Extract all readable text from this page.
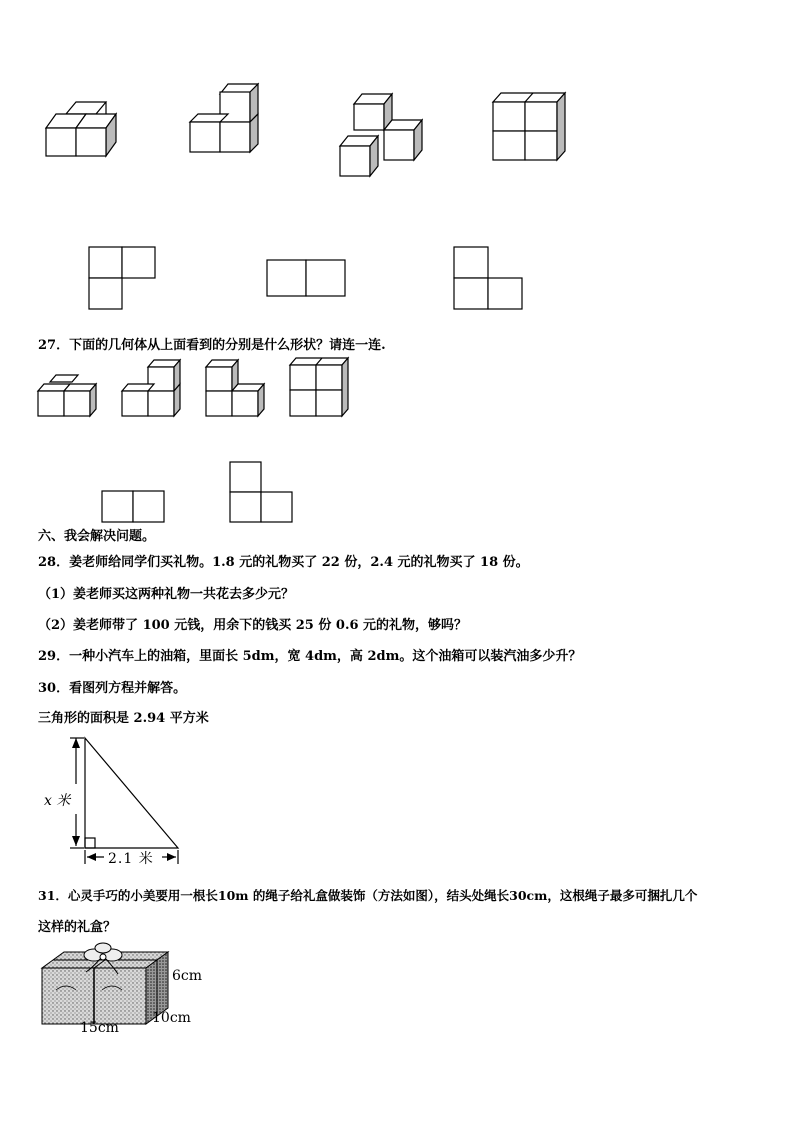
27．下面的几何体从上面看到的分别是什么形状？请连一连.
六、我会解决问题。
28．姜老师给同学们买礼物。1.8 元的礼物买了 22 份，2.4 元的礼物买了 18 份。
（1）姜老师买这两种礼物一共花去多少元？
（2）姜老师带了 100 元钱，用余下的钱买 25 份 0.6 元的礼物，够吗？
29．一种小汽车上的油箱，里面长 5dm，宽 4dm，高 2dm。这个油箱可以装汽油多少升？
30．看图列方程并解答。
三角形的面积是 2.94 平方米
x 米
2.1 米
31．心灵手巧的小美要用一根长10m 的绳子给礼盒做装饰（方法如图），结头处绳长30cm，这根绳子最多可捆扎几个
这样的礼盒？
6cm
10cm
15cm
